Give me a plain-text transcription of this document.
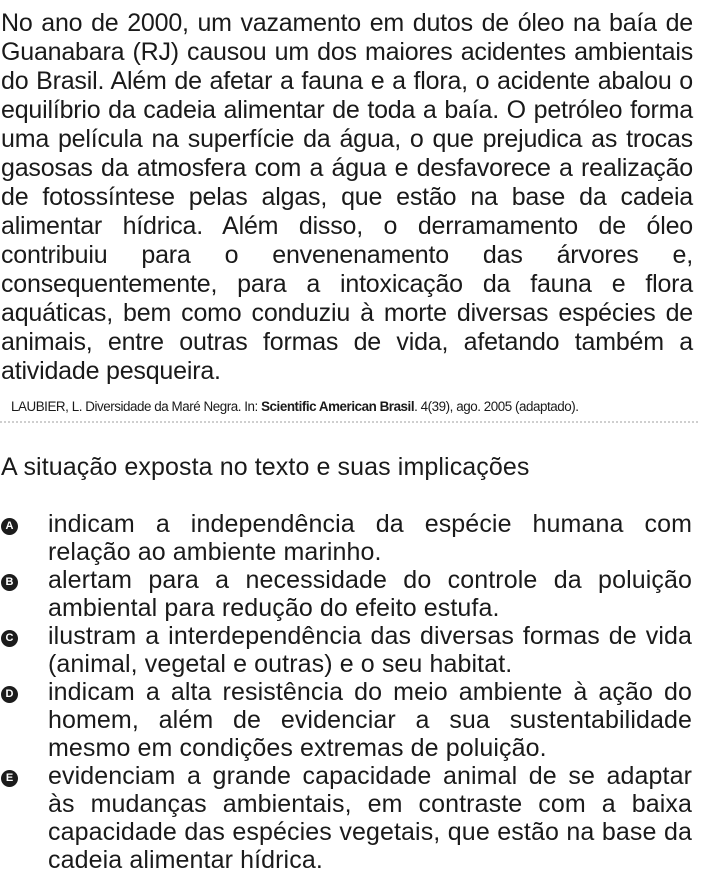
No ano de 2000, um vazamento em dutos de óleo na baía de Guanabara (RJ) causou um dos maiores acidentes ambientais do Brasil. Além de afetar a fauna e a flora, o acidente abalou o equilíbrio da cadeia alimentar de toda a baía. O petróleo forma uma película na superfície da água, o que prejudica as trocas gasosas da atmosfera com a água e desfavorece a realização de fotossíntese pelas algas, que estão na base da cadeia alimentar hídrica. Além disso, o derramamento de óleo contribuiu para o envenenamento das árvores e, consequentemente, para a intoxicação da fauna e flora aquáticas, bem como conduziu à morte diversas espécies de animais, entre outras formas de vida, afetando também a atividade pesqueira.

LAUBIER, L. Diversidade da Maré Negra. In: Scientific American Brasil. 4(39), ago. 2005 (adaptado).

A situação exposta no texto e suas implicações

A indicam a independência da espécie humana com relação ao ambiente marinho.

B alertam para a necessidade do controle da poluição ambiental para redução do efeito estufa.

C ilustram a interdependência das diversas formas de vida (animal, vegetal e outras) e o seu habitat.

D indicam a alta resistência do meio ambiente à ação do homem, além de evidenciar a sua sustentabilidade mesmo em condições extremas de poluição.

E evidenciam a grande capacidade animal de se adaptar às mudanças ambientais, em contraste com a baixa capacidade das espécies vegetais, que estão na base da cadeia alimentar hídrica.
